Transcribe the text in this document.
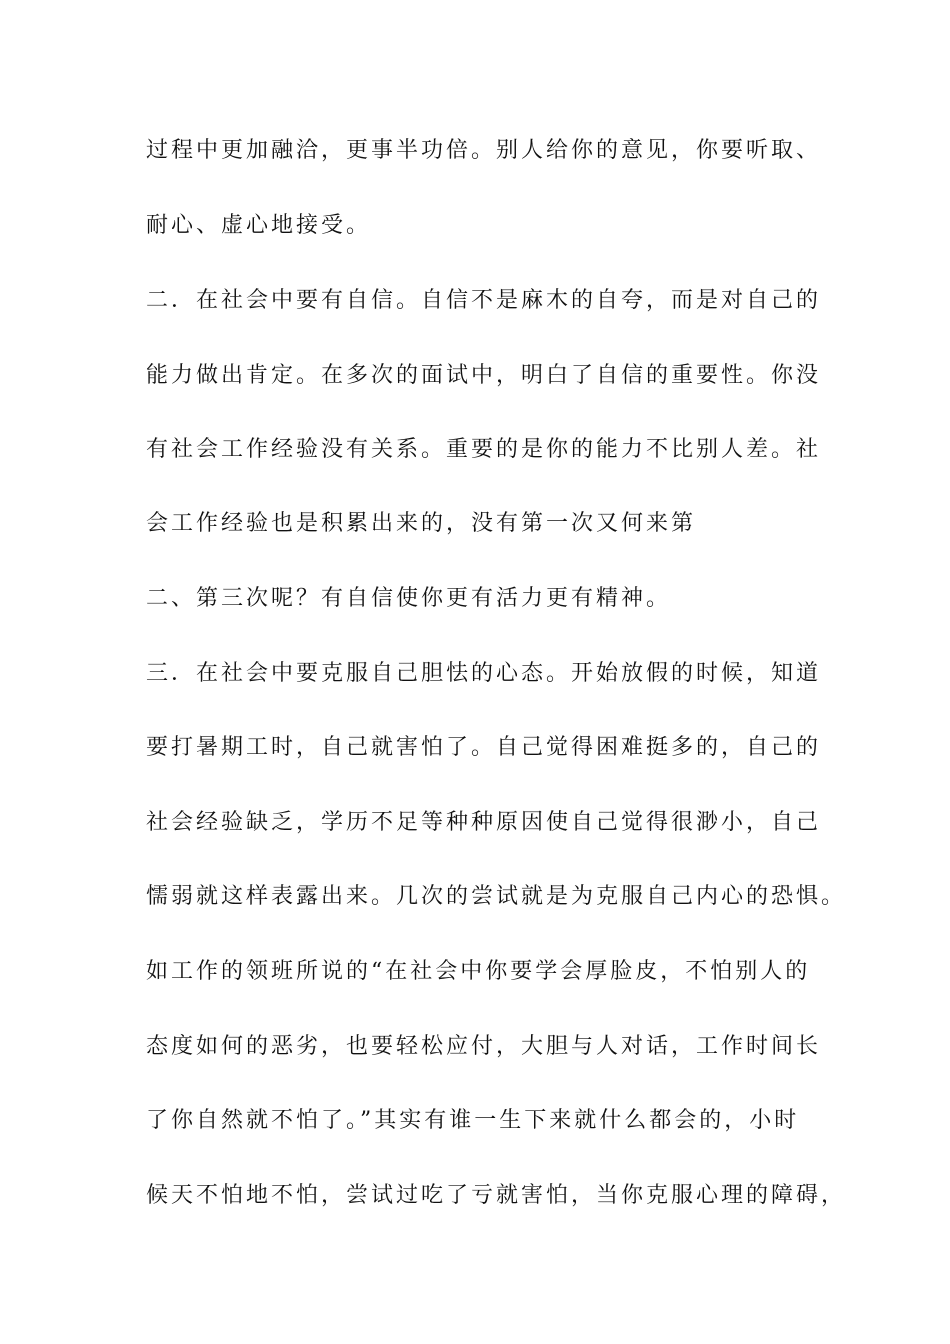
过程中更加融洽，更事半功倍。别人给你的意见，你要听取、
耐心、虚心地接受。
二．在社会中要有自信。自信不是麻木的自夸，而是对自己的
能力做出肯定。在多次的面试中，明白了自信的重要性。你没
有社会工作经验没有关系。重要的是你的能力不比别人差。社
会工作经验也是积累出来的，没有第一次又何来第
二、第三次呢？有自信使你更有活力更有精神。
三．在社会中要克服自己胆怯的心态。开始放假的时候，知道
要打暑期工时，自己就害怕了。自己觉得困难挺多的，自己的
社会经验缺乏，学历不足等种种原因使自己觉得很渺小，自己
懦弱就这样表露出来。几次的尝试就是为克服自己内心的恐惧。
如工作的领班所说的“在社会中你要学会厚脸皮，不怕别人的
态度如何的恶劣，也要轻松应付，大胆与人对话，工作时间长
了你自然就不怕了。”其实有谁一生下来就什么都会的，小时
候天不怕地不怕，尝试过吃了亏就害怕，当你克服心理的障碍，
